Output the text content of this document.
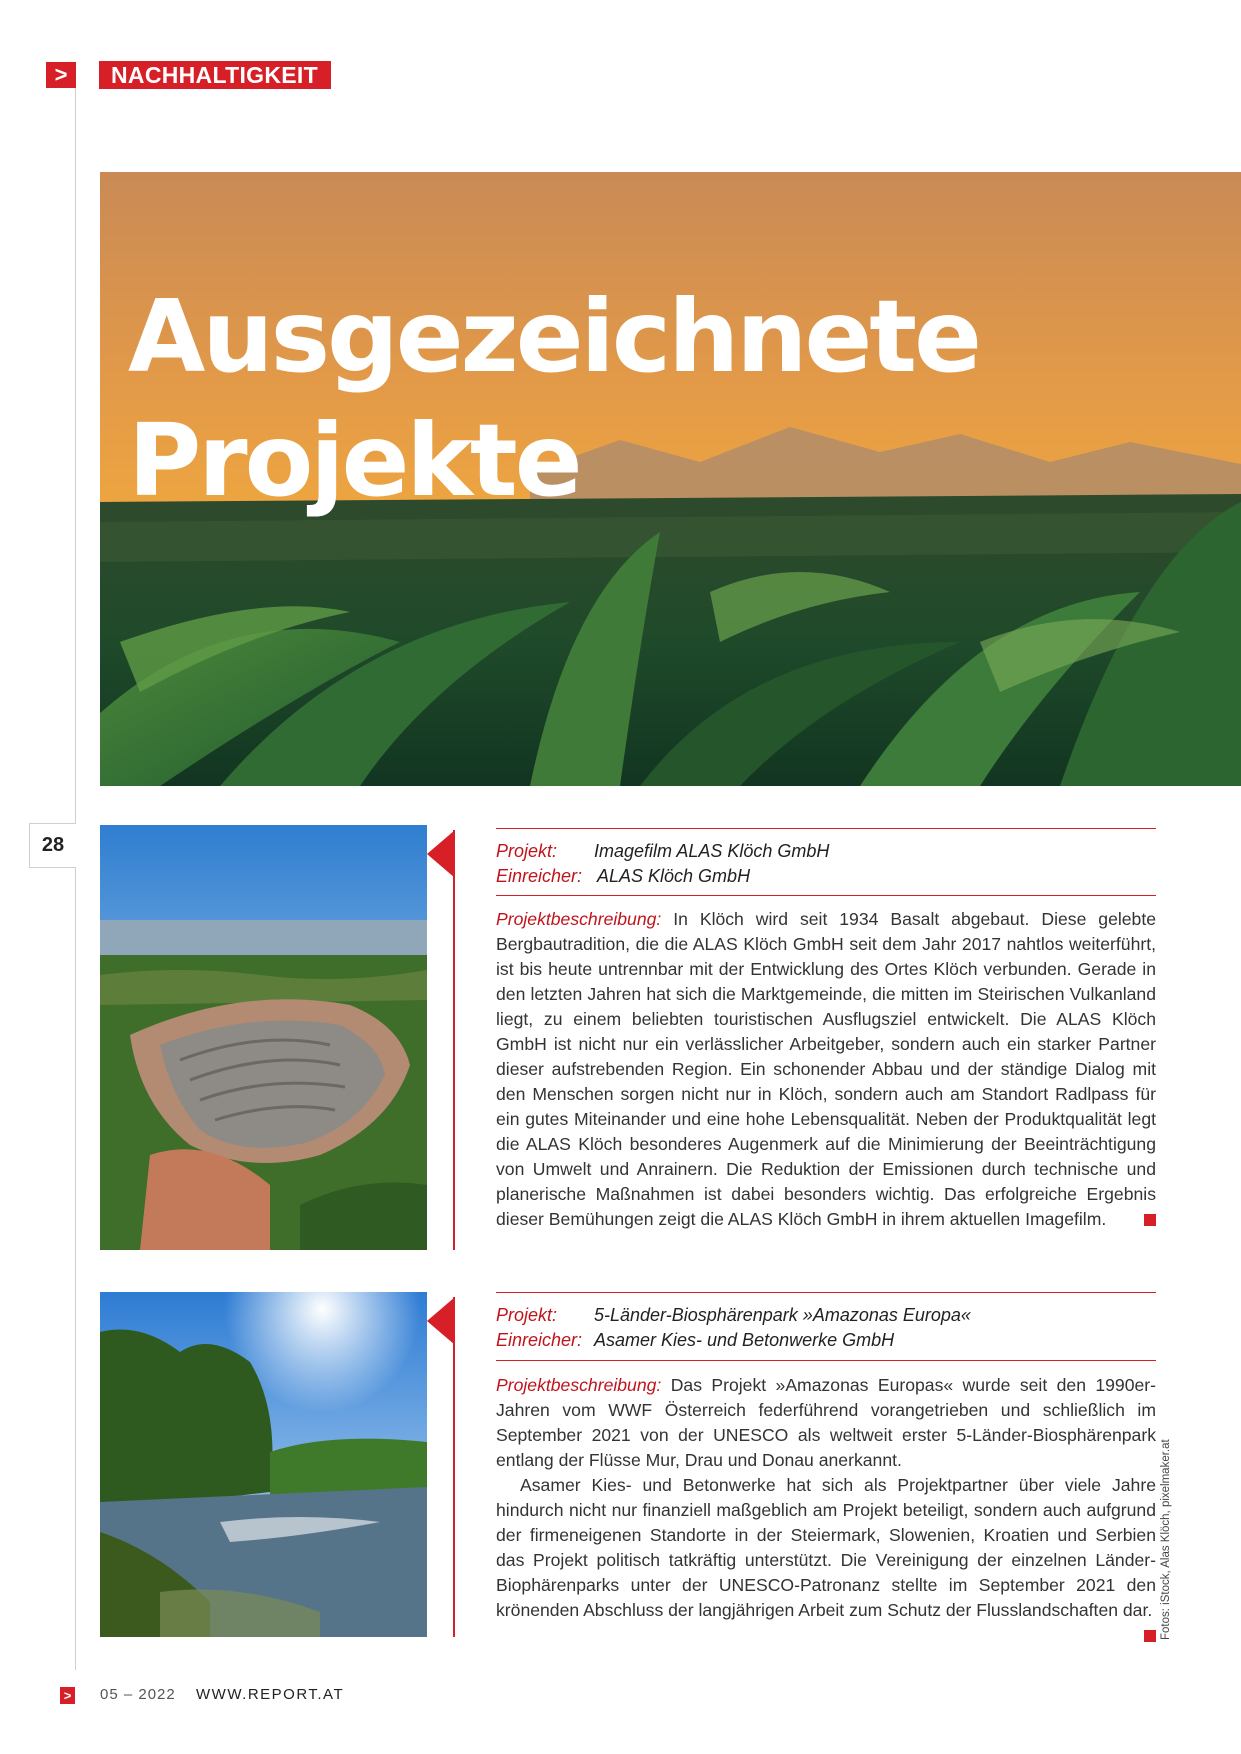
>	NACHHALTIGKEIT
Ausgezeichnete
Projekte
28	Projekt:	Imagefilm ALAS Klöch GmbH
Einreicher: ALAS Klöch GmbH

Projektbeschreibung: In Klöch wird seit 1934 Basalt abgebaut. Diese gelebte Bergbautradition, die die ALAS Klöch GmbH seit dem Jahr 2017 nahtlos weiterführt, ist bis heute untrennbar mit der Entwicklung des Ortes Klöch verbunden. Gerade in den letzten Jahren hat sich die Marktgemeinde, die mitten im Steirischen Vulkanland liegt, zu einem beliebten touristischen Ausflugsziel entwickelt. Die ALAS Klöch GmbH ist nicht nur ein verlässlicher Arbeitgeber, sondern auch ein starker Partner dieser aufstrebenden Region. Ein schonender Abbau und der ständige Dialog mit den Menschen sorgen nicht nur in Klöch, sondern auch am Standort Radlpass für ein gutes Miteinander und eine hohe Lebensqualität. Neben der Produktqualität legt die ALAS Klöch besonderes Augenmerk auf die Minimierung der Beeinträchtigung von Umwelt und Anrainern. Die Reduktion der Emissionen durch technische und planerische Maßnahmen ist dabei besonders wichtig. Das erfolgreiche Ergebnis dieser Bemühungen zeigt die ALAS Klöch GmbH in ihrem aktuellen Imagefilm.

Projekt:	5-Länder-Biosphärenpark »Amazonas Europa«
Einreicher: Asamer Kies- und Betonwerke GmbH

Projektbeschreibung: Das Projekt »Amazonas Europas« wurde seit den 1990er-Jahren vom WWF Österreich federführend vorangetrieben und schließlich im September 2021 von der UNESCO als weltweit erster 5-Länder-Biosphärenpark entlang der Flüsse Mur, Drau und Donau anerkannt.

Asamer Kies- und Betonwerke hat sich als Projektpartner über viele Jahre hindurch nicht nur finanziell maßgeblich am Projekt beteiligt, sondern auch aufgrund der firmeneigenen Standorte in der Steiermark, Slowenien, Kroatien und Serbien das Projekt politisch tatkräftig unterstützt. Die Vereinigung der einzelnen Länder-Biophärenparks unter der UNESCO-Patronanz stellte im September 2021 den krönenden Abschluss der langjährigen Arbeit zum Schutz der Flusslandschaften dar. Fotos: iStock, Alas Klöch, pixelmaker.at
> 05 – 2022 WWW.REPORT.AT
